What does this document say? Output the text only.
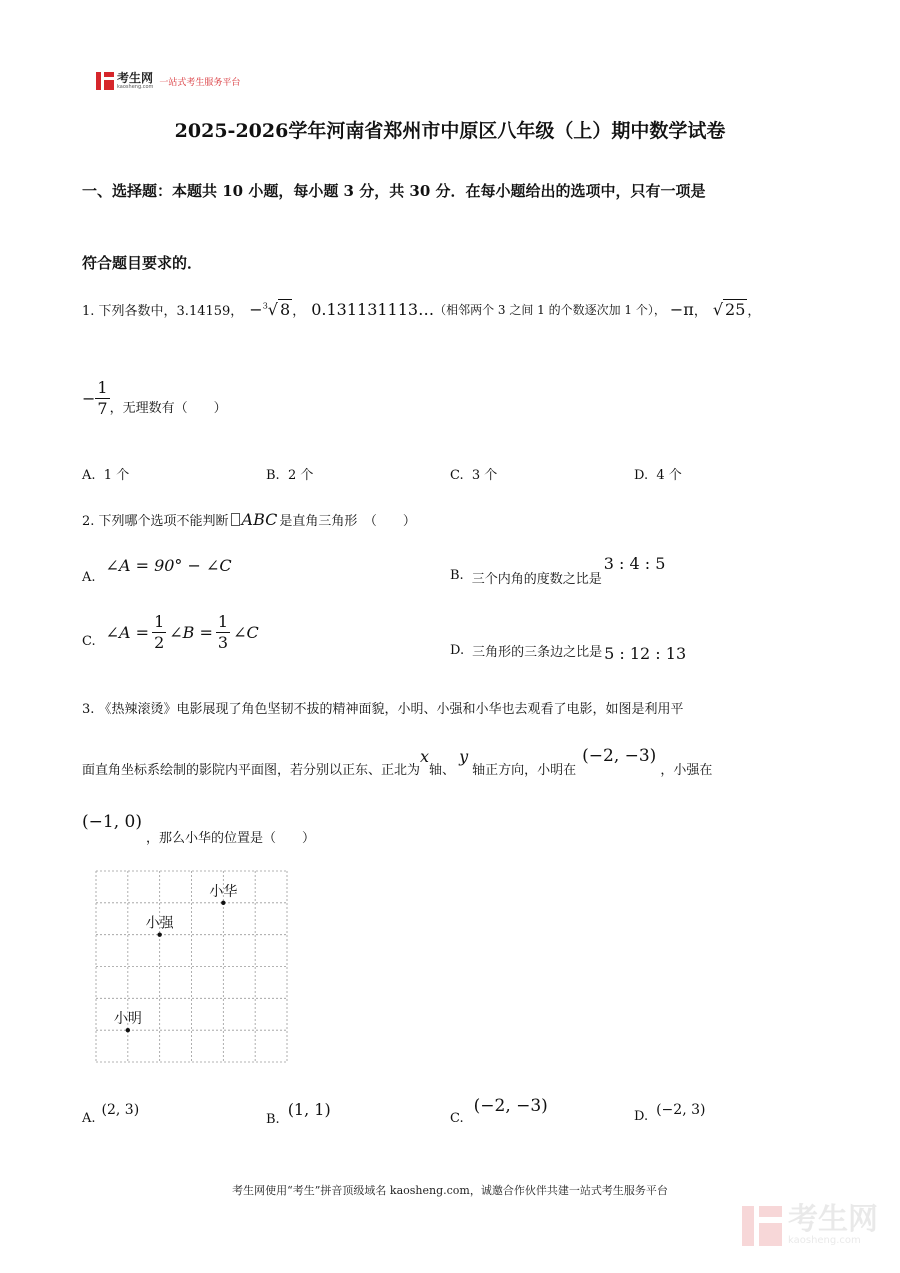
考生网
kaosheng.com 一站式考生服务平台
2025-2026学年河南省郑州市中原区八年级（上）期中数学试卷
一、选择题：本题共 10 小题，每小题 3 分，共 30 分．在每小题给出的选项中，只有一项是
符合题目要求的．
1. 下列各数中，3.14159， −$^3$√ 8 ， 0.131131113… （相邻两个 3 之间 1 的个数逐次加 1 个）， −π ， √ 25 ，
− $\frac{1}{7}$ ，无理数有（　　）
A. 1 个	B. 2 个	C. 3 个	D. 4 个
2. 下列哪个选项不能判断 ABC 是直角三角形　（　　）
A.
∠A = 90° − ∠C
B. 三个内角的度数之比是
3 : 4 : 5
C. ∠A = $\frac{1}{2}$ ∠B = $\frac{1}{3}$ ∠C
D. 三角形的三条边之比是 5 : 12 : 13
3. 《热辣滚烫》电影展现了角色坚韧不拔的精神面貌，小明、小强和小华也去观看了电影，如图是利用平
面直角坐标系绘制的影院内平面图，若分别以正东、正北为
x
轴、
y
轴正方向，小明在
(−2, −3)
，小强在
(−1, 0)
，那么小华的位置是（　　）
小华
小强
小明
A.
(2, 3)
B.
(1, 1)	C.
(−2, −3)
D. (−2, 3)
考生网使用“考生”拼音顶级域名 kaosheng.com，诚邀合作伙伴共建一站式考生服务平台
考生网
kaosheng.com
